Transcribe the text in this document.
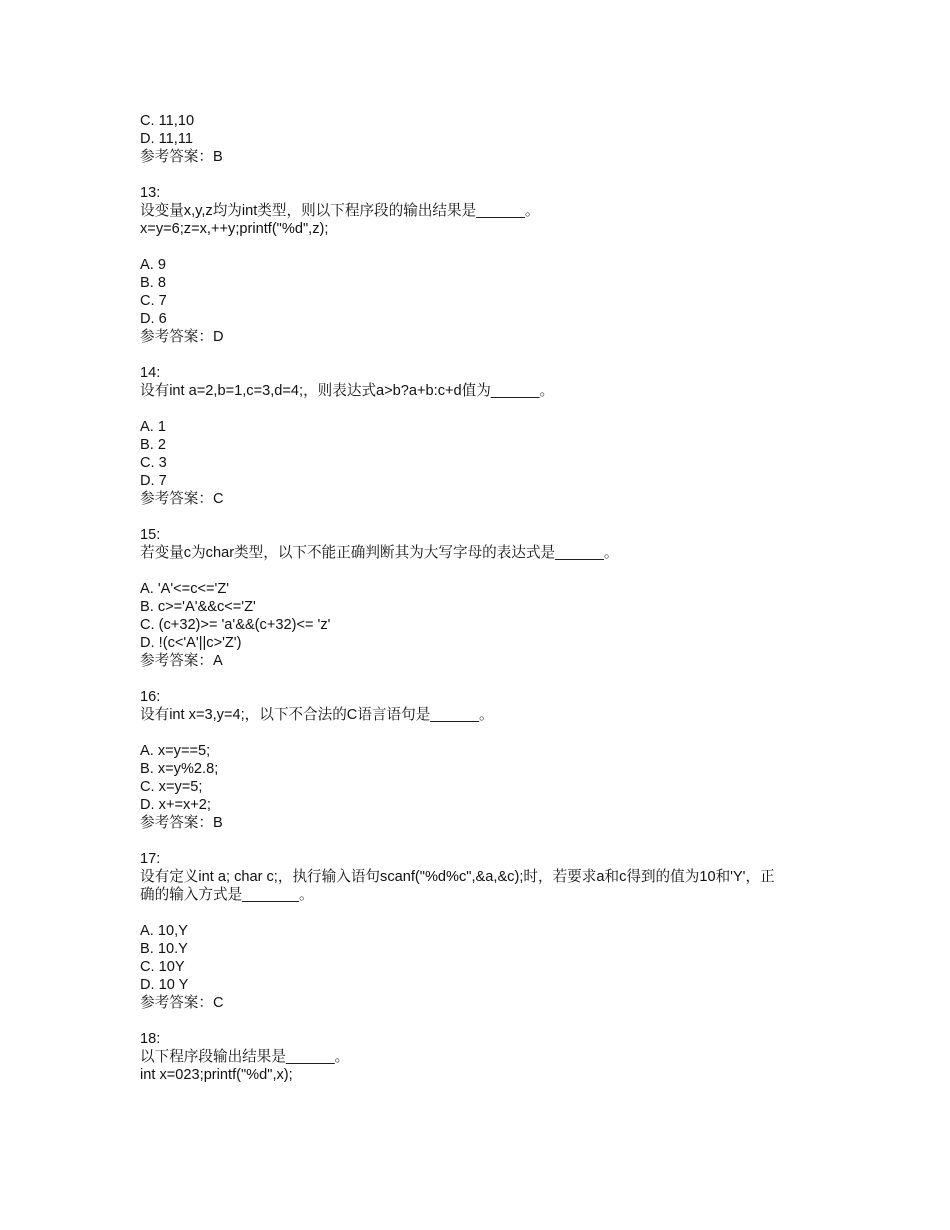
C. 11,10
D. 11,11
参考答案：B
13:
设变量x,y,z均为int类型，则以下程序段的输出结果是______。
x=y=6;z=x,++y;printf("%d",z);
A. 9
B. 8
C. 7
D. 6
参考答案：D
14:
设有int a=2,b=1,c=3,d=4;，则表达式a>b?a+b:c+d值为______。
A. 1
B. 2
C. 3
D. 7
参考答案：C
15:
若变量c为char类型，以下不能正确判断其为大写字母的表达式是______。
A. 'A'<=c<='Z'
B. c>='A'&&c<='Z'
C. (c+32)>= 'a'&&(c+32)<= 'z'
D. !(c<'A'||c>'Z')
参考答案：A
16:
设有int x=3,y=4;，以下不合法的C语言语句是______。
A. x=y==5;
B. x=y%2.8;
C. x=y=5;
D. x+=x+2;
参考答案：B
17:
设有定义int a; char c;，执行输入语句scanf("%d%c",&a,&c);时，若要求a和c得到的值为10和'Y'，正
确的输入方式是_______。
A. 10,Y
B. 10.Y
C. 10Y
D. 10 Y
参考答案：C
18:
以下程序段输出结果是______。
int x=023;printf("%d",x);
